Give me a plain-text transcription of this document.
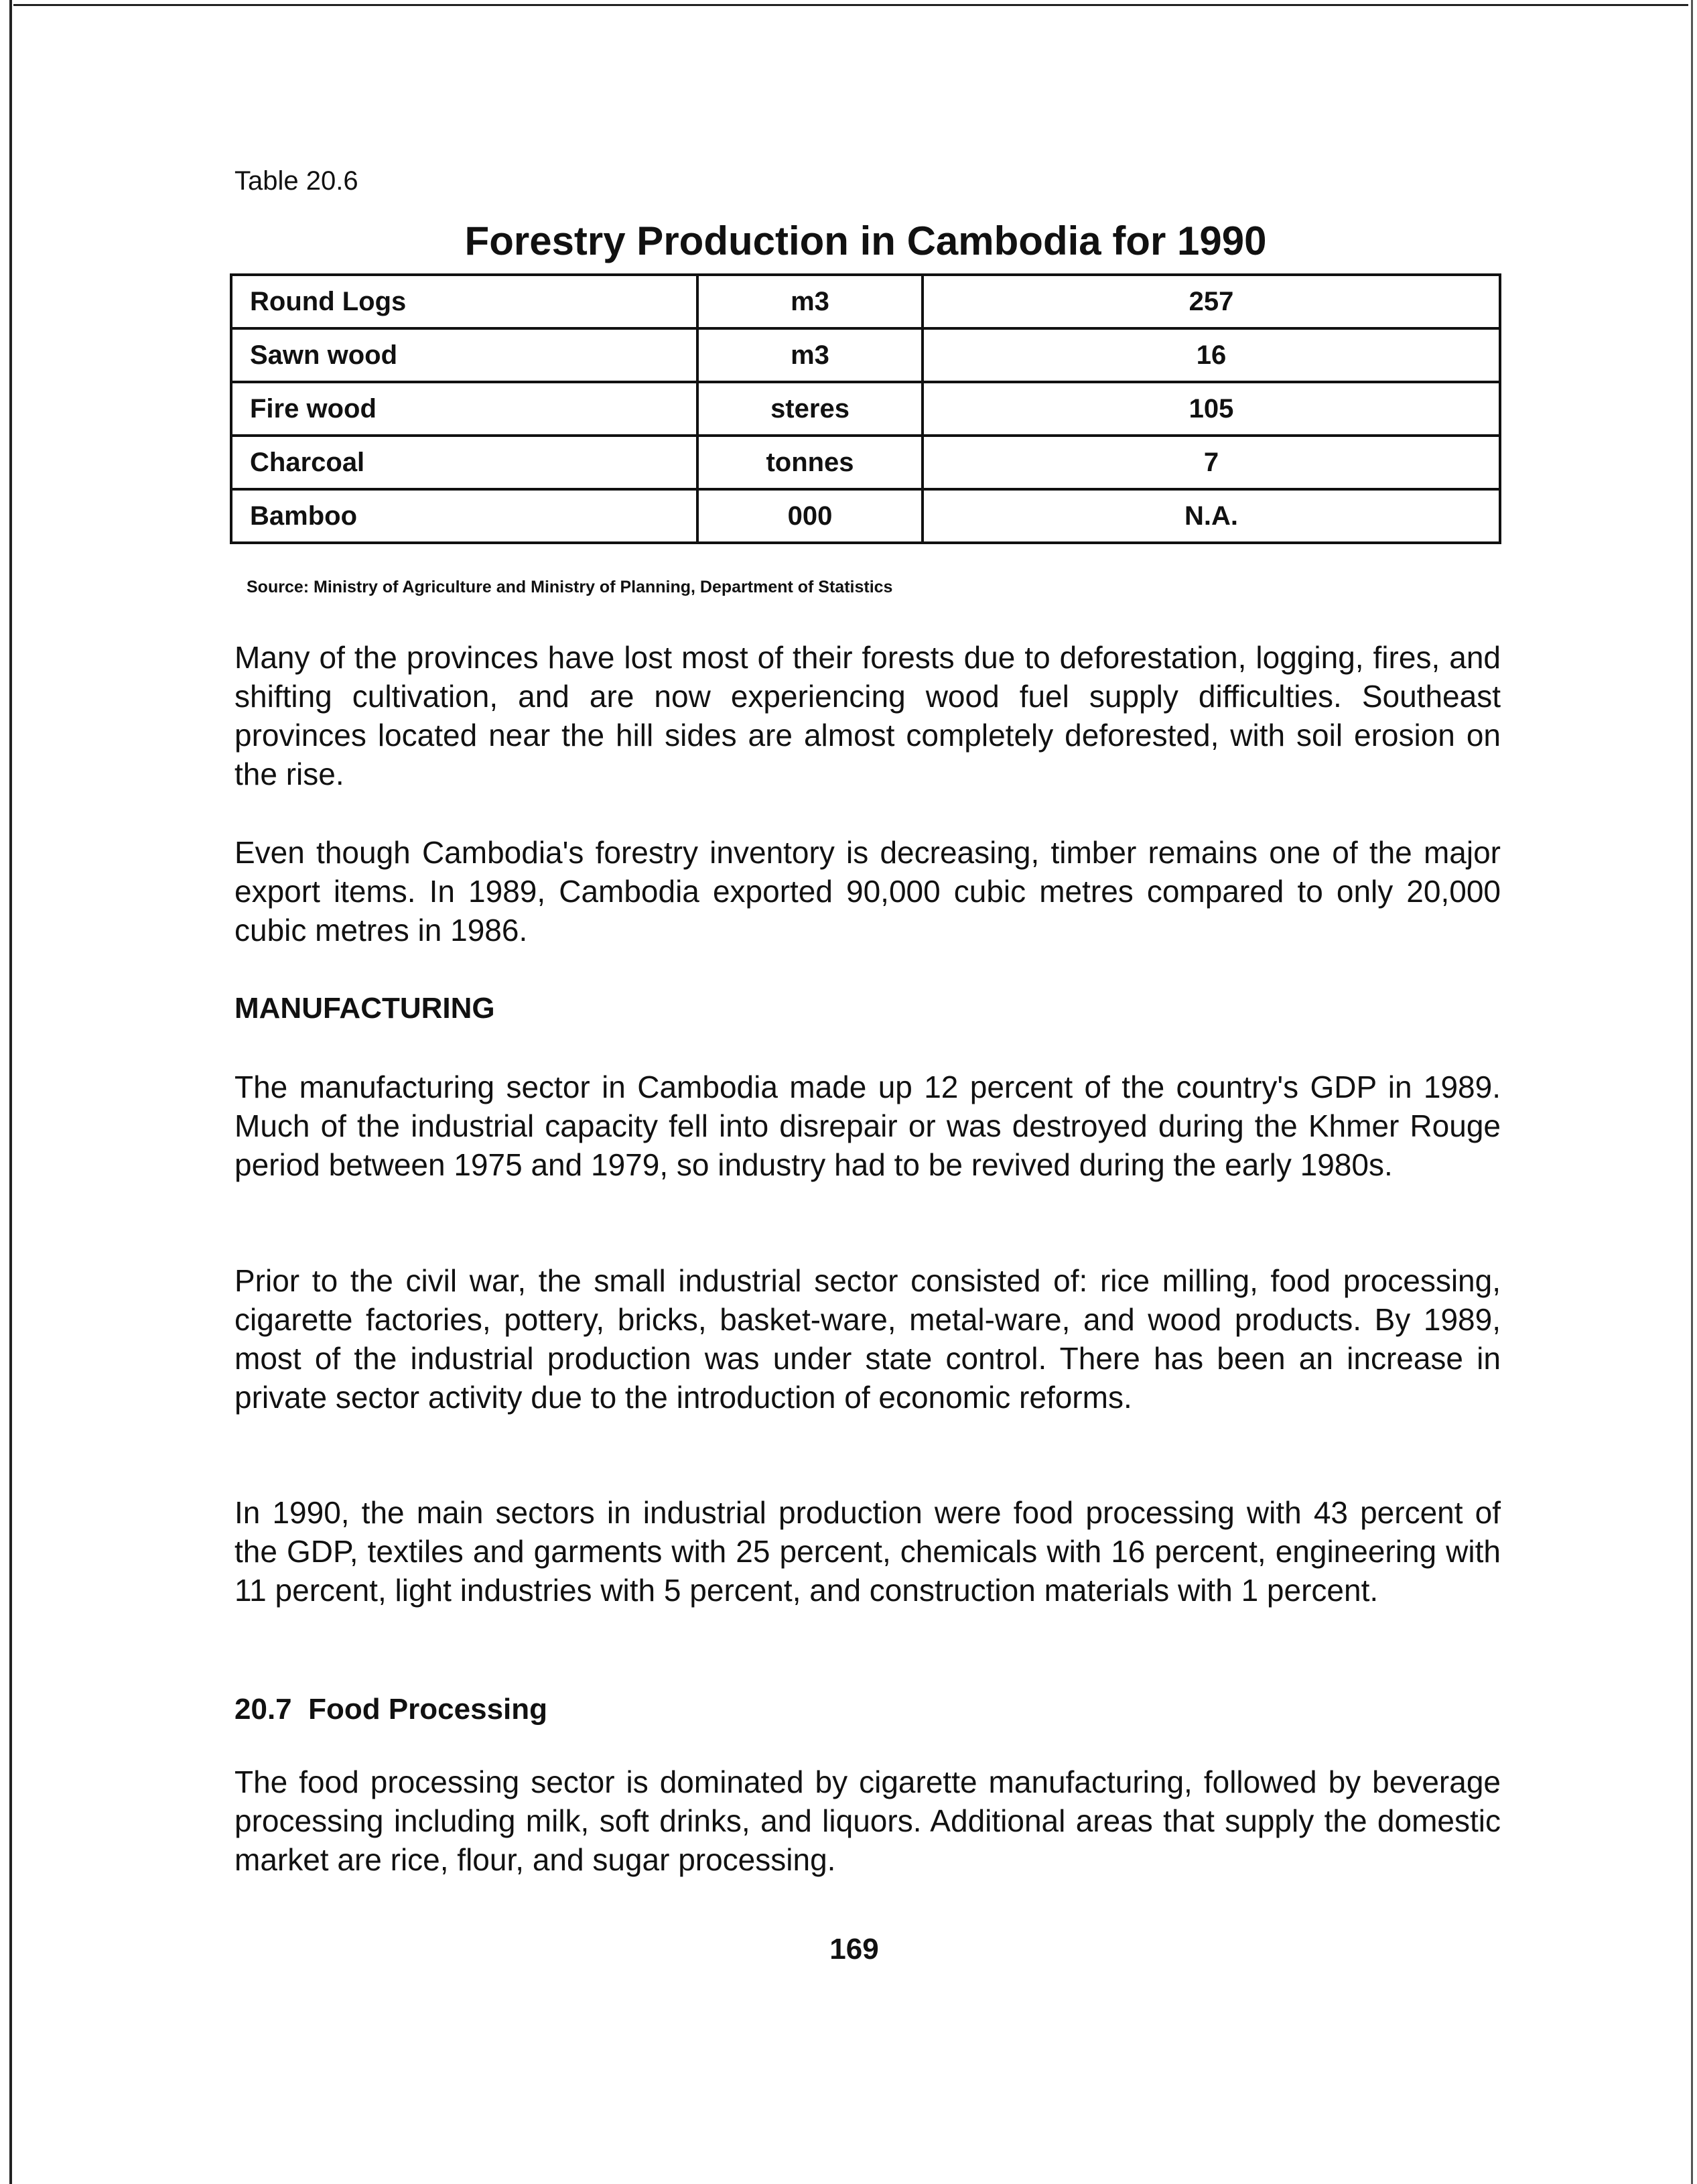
Table 20.6
Forestry Production in Cambodia for 1990
Round Logs	m3	257
Sawn wood	m3	16
Fire wood	steres	105
Charcoal	tonnes	7
Bamboo	000	N.A.
Source: Ministry of Agriculture and Ministry of Planning, Department of Statistics

Many of the provinces have lost most of their forests due to deforestation, logging, fires, and shifting cultivation, and are now experiencing wood fuel supply difficulties. Southeast provinces located near the hill sides are almost completely deforested, with soil erosion on the rise.

Even though Cambodia's forestry inventory is decreasing, timber remains one of the major export items. In 1989, Cambodia exported 90,000 cubic metres compared to only 20,000 cubic metres in 1986.

MANUFACTURING

The manufacturing sector in Cambodia made up 12 percent of the country's GDP in 1989. Much of the industrial capacity fell into disrepair or was destroyed during the Khmer Rouge period between 1975 and 1979, so industry had to be revived during the early 1980s.

Prior to the civil war, the small industrial sector consisted of: rice milling, food processing, cigarette factories, pottery, bricks, basket-ware, metal-ware, and wood products. By 1989, most of the industrial production was under state control. There has been an increase in private sector activity due to the introduction of economic reforms.

In 1990, the main sectors in industrial production were food processing with 43 percent of the GDP, textiles and garments with 25 percent, chemicals with 16 percent, engineering with 11 percent, light industries with 5 percent, and construction materials with 1 percent.

20.7  Food Processing

The food processing sector is dominated by cigarette manufacturing, followed by beverage processing including milk, soft drinks, and liquors. Additional areas that supply the domestic market are rice, flour, and sugar processing.

169
